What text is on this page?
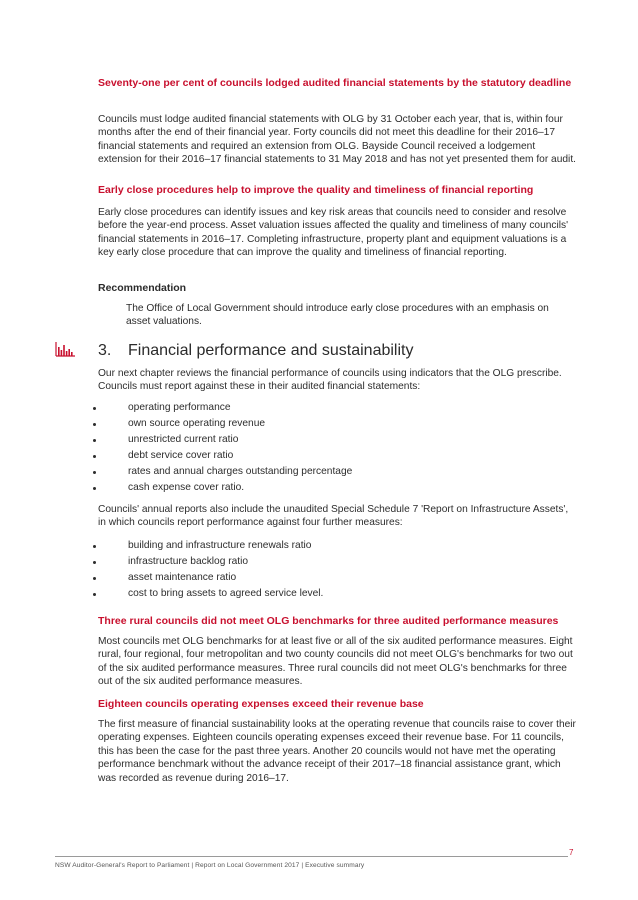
Seventy-one per cent of councils lodged audited financial statements by the statutory deadline

Councils must lodge audited financial statements with OLG by 31 October each year, that is, within four months after the end of their financial year. Forty councils did not meet this deadline for their 2016–17 financial statements and required an extension from OLG. Bayside Council received a lodgement extension for their 2016–17 financial statements to 31 May 2018 and has not yet presented them for audit.

Early close procedures help to improve the quality and timeliness of financial reporting

Early close procedures can identify issues and key risk areas that councils need to consider and resolve before the year-end process. Asset valuation issues affected the quality and timeliness of many councils' financial statements in 2016–17. Completing infrastructure, property plant and equipment valuations is a key early close procedure that can improve the quality and timeliness of financial reporting.

Recommendation

The Office of Local Government should introduce early close procedures with an emphasis on asset valuations.

3. Financial performance and sustainability

Our next chapter reviews the financial performance of councils using indicators that the OLG prescribe. Councils must report against these in their audited financial statements:

operating performance
own source operating revenue
unrestricted current ratio
debt service cover ratio
rates and annual charges outstanding percentage
cash expense cover ratio.

Councils' annual reports also include the unaudited Special Schedule 7 'Report on Infrastructure Assets', in which councils report performance against four further measures:

building and infrastructure renewals ratio
infrastructure backlog ratio
asset maintenance ratio
cost to bring assets to agreed service level.

Three rural councils did not meet OLG benchmarks for three audited performance measures

Most councils met OLG benchmarks for at least five or all of the six audited performance measures. Eight rural, four regional, four metropolitan and two county councils did not meet OLG's benchmarks for two out of the six audited performance measures. Three rural councils did not meet OLG's benchmarks for three out of the six audited performance measures.

Eighteen councils operating expenses exceed their revenue base

The first measure of financial sustainability looks at the operating revenue that councils raise to cover their operating expenses. Eighteen councils operating expenses exceed their revenue base. For 11 councils, this has been the case for the past three years. Another 20 councils would not have met the operating performance benchmark without the advance receipt of their 2017–18 financial assistance grant, which was recorded as revenue during 2016–17.

7
NSW Auditor-General's Report to Parliament | Report on Local Government 2017 | Executive summary
